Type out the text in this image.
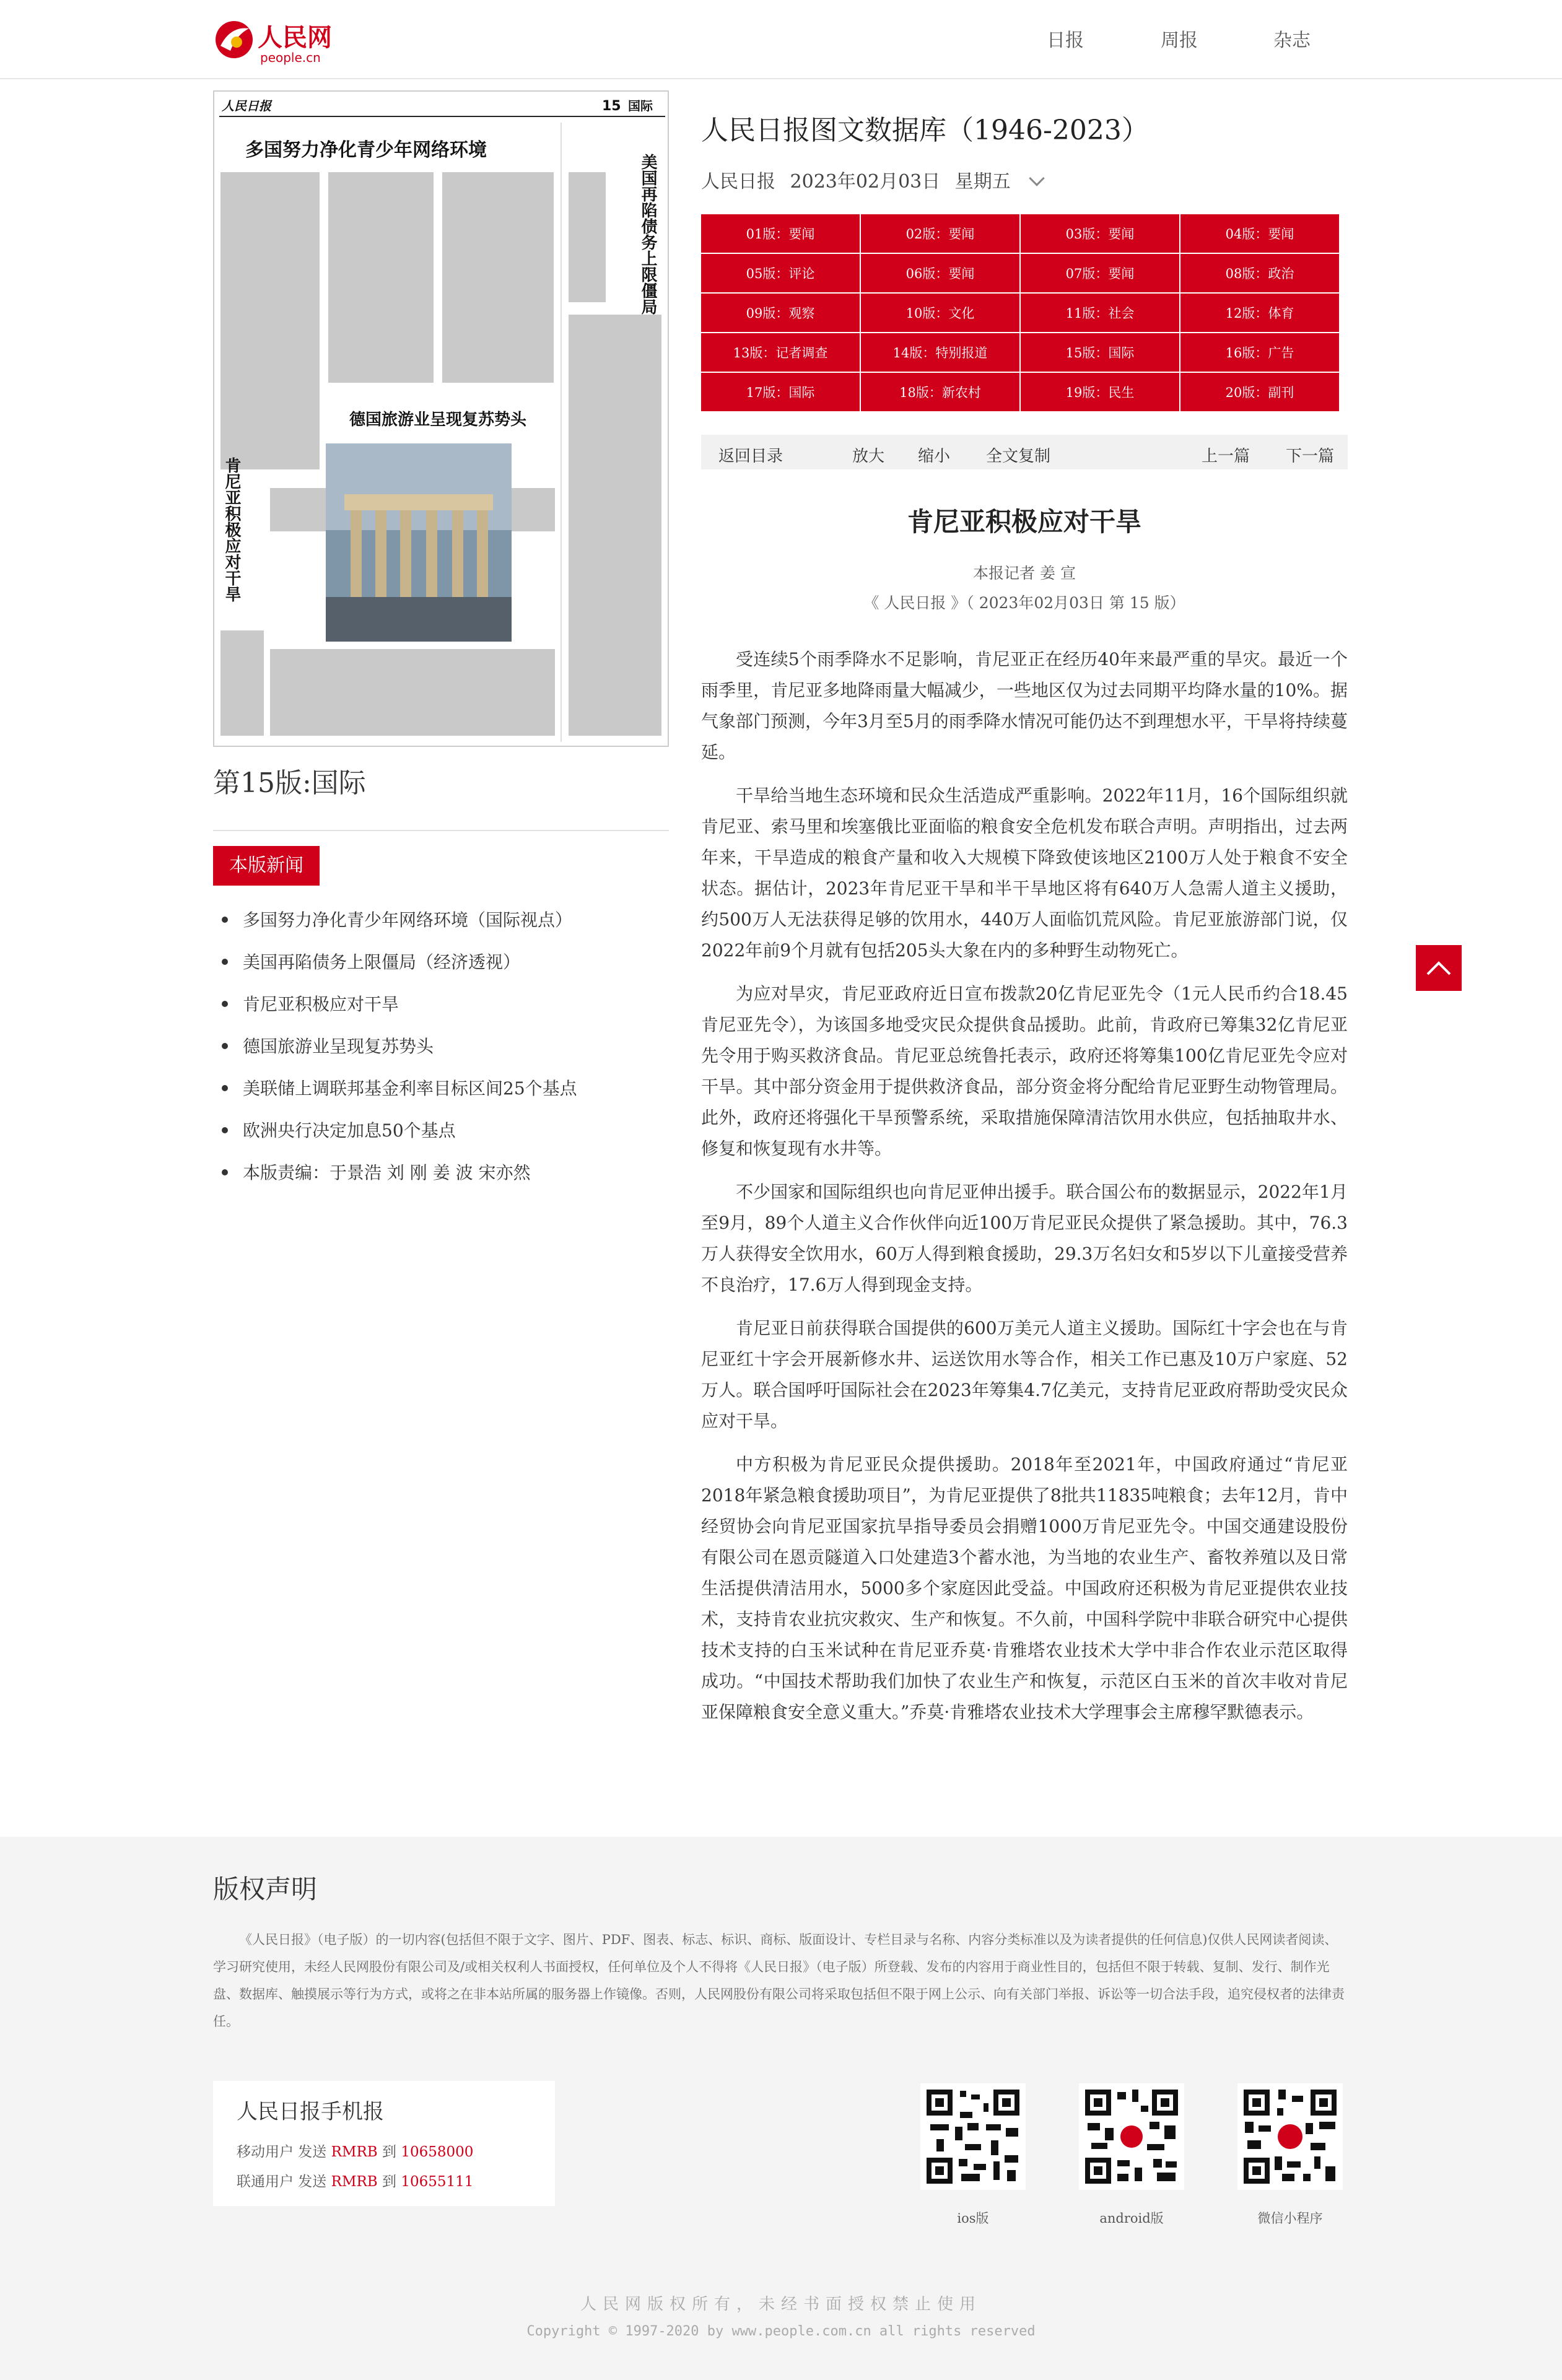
人民网
people.cn
日报	周报	杂志
人民日报	15 国际
多国努力净化青少年网络环境
美国再陷债务上限僵局
肯尼亚积极应对干旱
德国旅游业呈现复苏势头
第15版:国际
本版新闻
多国努力净化青少年网络环境（国际视点）
美国再陷债务上限僵局（经济透视）
肯尼亚积极应对干旱
德国旅游业呈现复苏势头
美联储上调联邦基金利率目标区间25个基点
欧洲央行决定加息50个基点
本版责编：于景浩 刘 刚 姜 波 宋亦然
人民日报图文数据库（1946-2023）
人民日报 2023年02月03日 星期五
01版：要闻	02版：要闻	03版：要闻	04版：要闻
05版：评论	06版：要闻	07版：要闻	08版：政治
09版：观察	10版：文化	11版：社会	12版：体育
13版：记者调查	14版：特别报道	15版：国际	16版：广告
17版：国际	18版：新农村	19版：民生	20版：副刊
返回目录	放大 缩小 全文复制	上一篇 下一篇
肯尼亚积极应对干旱
本报记者 姜 宣
《 人民日报 》（ 2023年02月03日 第 15 版）

受连续5个雨季降水不足影响，肯尼亚正在经历40年来最严重的旱灾。最近一个雨季里，肯尼亚多地降雨量大幅减少，一些地区仅为过去同期平均降水量的10%。据气象部门预测，今年3月至5月的雨季降水情况可能仍达不到理想水平，干旱将持续蔓延。

干旱给当地生态环境和民众生活造成严重影响。2022年11月，16个国际组织就肯尼亚、索马里和埃塞俄比亚面临的粮食安全危机发布联合声明。声明指出，过去两年来，干旱造成的粮食产量和收入大规模下降致使该地区2100万人处于粮食不安全状态。据估计，2023年肯尼亚干旱和半干旱地区将有640万人急需人道主义援助，约500万人无法获得足够的饮用水，440万人面临饥荒风险。肯尼亚旅游部门说，仅2022年前9个月就有包括205头大象在内的多种野生动物死亡。

为应对旱灾，肯尼亚政府近日宣布拨款20亿肯尼亚先令（1元人民币约合18.45肯尼亚先令），为该国多地受灾民众提供食品援助。此前，肯政府已筹集32亿肯尼亚先令用于购买救济食品。肯尼亚总统鲁托表示，政府还将筹集100亿肯尼亚先令应对干旱。其中部分资金用于提供救济食品，部分资金将分配给肯尼亚野生动物管理局。此外，政府还将强化干旱预警系统，采取措施保障清洁饮用水供应，包括抽取井水、修复和恢复现有水井等。

不少国家和国际组织也向肯尼亚伸出援手。联合国公布的数据显示，2022年1月至9月，89个人道主义合作伙伴向近100万肯尼亚民众提供了紧急援助。其中，76.3万人获得安全饮用水，60万人得到粮食援助，29.3万名妇女和5岁以下儿童接受营养不良治疗，17.6万人得到现金支持。

肯尼亚日前获得联合国提供的600万美元人道主义援助。国际红十字会也在与肯尼亚红十字会开展新修水井、运送饮用水等合作，相关工作已惠及10万户家庭、52万人。联合国呼吁国际社会在2023年筹集4.7亿美元，支持肯尼亚政府帮助受灾民众应对干旱。

中方积极为肯尼亚民众提供援助。2018年至2021年，中国政府通过“肯尼亚2018年紧急粮食援助项目”，为肯尼亚提供了8批共11835吨粮食；去年12月，肯中经贸协会向肯尼亚国家抗旱指导委员会捐赠1000万肯尼亚先令。中国交通建设股份有限公司在恩贡隧道入口处建造3个蓄水池，为当地的农业生产、畜牧养殖以及日常生活提供清洁用水，5000多个家庭因此受益。中国政府还积极为肯尼亚提供农业技术，支持肯农业抗灾救灾、生产和恢复。不久前，中国科学院中非联合研究中心提供技术支持的白玉米试种在肯尼亚乔莫·肯雅塔农业技术大学中非合作农业示范区取得成功。“中国技术帮助我们加快了农业生产和恢复，示范区白玉米的首次丰收对肯尼亚保障粮食安全意义重大。”乔莫·肯雅塔农业技术大学理事会主席穆罕默德表示。

版权声明
《人民日报》（电子版）的一切内容(包括但不限于文字、图片、PDF、图表、标志、标识、商标、版面设计、专栏目录与名称、内容分类标准以及为读者提供的任何信息)仅供人民网读者阅读、学习研究使用，未经人民网股份有限公司及/或相关权利人书面授权，任何单位及个人不得将《人民日报》（电子版）所登载、发布的内容用于商业性目的，包括但不限于转载、复制、发行、制作光盘、数据库、触摸展示等行为方式，或将之在非本站所属的服务器上作镜像。否则，人民网股份有限公司将采取包括但不限于网上公示、向有关部门举报、诉讼等一切合法手段，追究侵权者的法律责任。
人民日报手机报
移动用户 发送 RMRB 到 10658000
联通用户 发送 RMRB 到 10655111
ios版	android版	微信小程序
人民网版权所有，未经书面授权禁止使用
Copyright © 1997-2020 by www.people.com.cn all rights reserved
